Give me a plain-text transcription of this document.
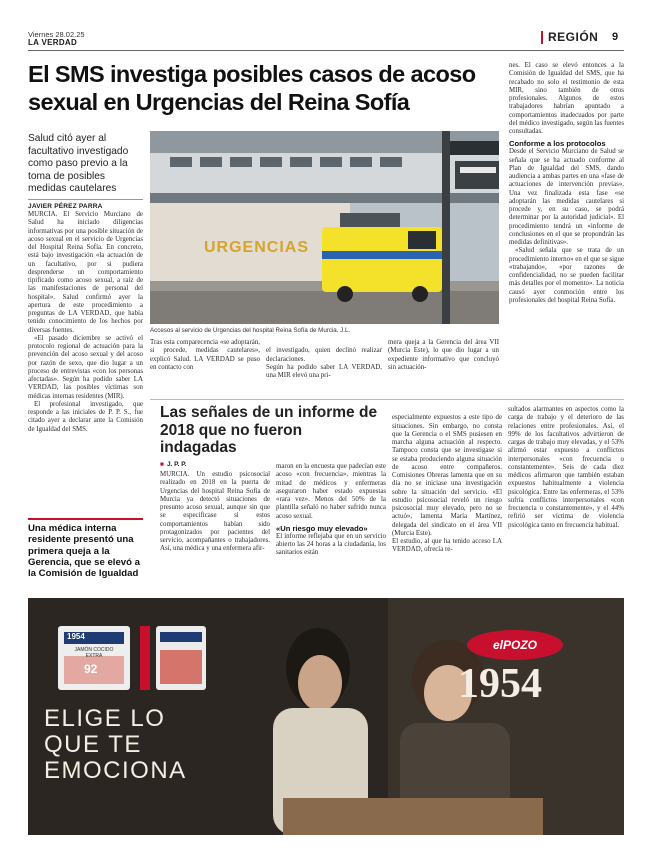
Viernes 28.02.25
LA VERDAD	REGIÓN 9
El SMS investiga posibles casos de acoso sexual en Urgencias del Reina Sofía
Salud citó ayer al facultativo investigado como paso previo a la toma de posibles medidas cautelares
JAVIER PÉREZ PARRA

MURCIA. El Servicio Murciano de Salud ha iniciado diligencias informativas por una posible situación de acoso sexual en el servicio de Urgencias del Hospital Reina Sofía. En concreto, está bajo investigación «la actuación de un facultativo, por si pudiera desprenderse un comportamiento tipificado como acoso sexual, a raíz de las manifestaciones de personal del hospital». Salud confirmó ayer la apertura de este procedimiento a preguntas de LA VERDAD, que había tenido conocimiento de los hechos por diversas fuentes.

«El pasado diciembre se activó el protocolo regional de actuación para la prevención del acoso sexual y del acoso por razón de sexo, que dio lugar a un proceso de entrevistas «con los personas afectadas». Según ha podido saber LA VERDAD, las posibles víctimas son médicas internas residentes (MIR).

El profesional investigado, que responde a las iniciales de P. P. S., fue citado ayer a declarar ante la Comisión de Igualdad del SMS.

Una médica interna residente presentó una primera queja a la Gerencia, que se elevó a la Comisión de Igualdad
URGENCIAS
Accesos al servicio de Urgencias del hospital Reina Sofía de Murcia. J.L.

Tras esta comparecencia «se adoptarán, si procede, medidas cautelares», explicó Salud. LA VERDAD se puso en contacto con

el investigado, quien declinó realizar declaraciones.
Según ha podido saber LA VERDAD, una MIR elevó una pri-

mera queja a la Gerencia del área VII (Murcia Este), lo que dio lugar a un expediente informativo que concluyó sin actuación-

nes. El caso se elevó entonces a la Comisión de Igualdad del SMS, que ha recabado no solo el testimonio de esta MIR, sino también de otros profesionales. Algunos de estos trabajadores habrían apuntado a comportamientos inadecuados por parte del médico investigado, según las fuentes consultadas.

Conforme a los protocolos

Desde el Servicio Murciano de Salud se señala que se ha actuado conforme al Plan de Igualdad del SMS, dando audiencia a ambas partes en una «fase de actuaciones de intervención previas». Una vez finalizada esta fase «se adoptarán las medidas cautelares si procede y, en su caso, se podrá determinar por la autoridad judicial». El procedimiento tendrá un «informe de conclusiones en el que se propondrán las medidas definitivas».

«Salud señala que se trata de un procedimiento interno» en el que se sigue «trabajando», «por razones de confidencialidad, no se pueden facilitar más detalles por el momento». La noticia causó ayer conmoción entre los profesionales del hospital Reina Sofía.

Las señales de un informe de 2018 que no fueron indagadas
■ J. P. P.

MURCIA. Un estudio psicosocial realizado en 2018 en la puerta de Urgencias del hospital Reina Sofía de Murcia ya detectó situaciones de presunto acoso sexual, aunque sin que se especificase si estos comportamientos habían sido protagonizados por pacientes del servicio, acompañantes o trabajadores. Así, una médica y una enfermera afir-

maron en la encuesta que padecían este acoso «con frecuencia», mientras la mitad de médicos y enfermeras aseguraron haber estado expuestas «rara vez». Menos del 50% de la plantilla señaló no haber sufrido nunca acoso sexual.

«Un riesgo muy elevado»

El informe reflejaba que en un servicio abierto las 24 horas a la ciudadanía, los sanitarios están

especialmente expuestos a este tipo de situaciones. Sin embargo, no consta que la Gerencia o el SMS pusiesen en marcha alguna actuación al respecto. Tampoco consta que se investigase si se estaba produciendo alguna situación de acoso entre compañeros. Comisiones Obreras lamenta que en su día no se iniciase una investigación sobre la situación del servicio. «El estudio psicosocial reveló un riesgo psicosocial muy elevado, pero no se actuó», lamenta María Martínez, delegada del sindicato en el área VII (Murcia Este).
El estudio, al que ha tenido acceso LA VERDAD, ofrecía re-

sultados alarmantes en aspectos como la carga de trabajo y el deterioro de las relaciones entre profesionales. Así, el 99% de los facultativos advirtieron de cargas de trabajo muy elevadas, y el 53% afirmó estar expuesto a conflictos interpersonales «con frecuencia o constantemente». Seis de cada diez médicos afirmaron que también estaban expuestos habitualmente a violencia psicológica. Entre las enfermeras, el 53% sufría conflictos interpersonales «con frecuencia o constantemente», y el 44% refirió ser víctima de violencia psicológica tanto en frecuencia habitual.

1954
JAMÓN COCIDO EXTRA
92
ELIGE LO
QUE TE
EMOCIONA
elPOZO
1954
